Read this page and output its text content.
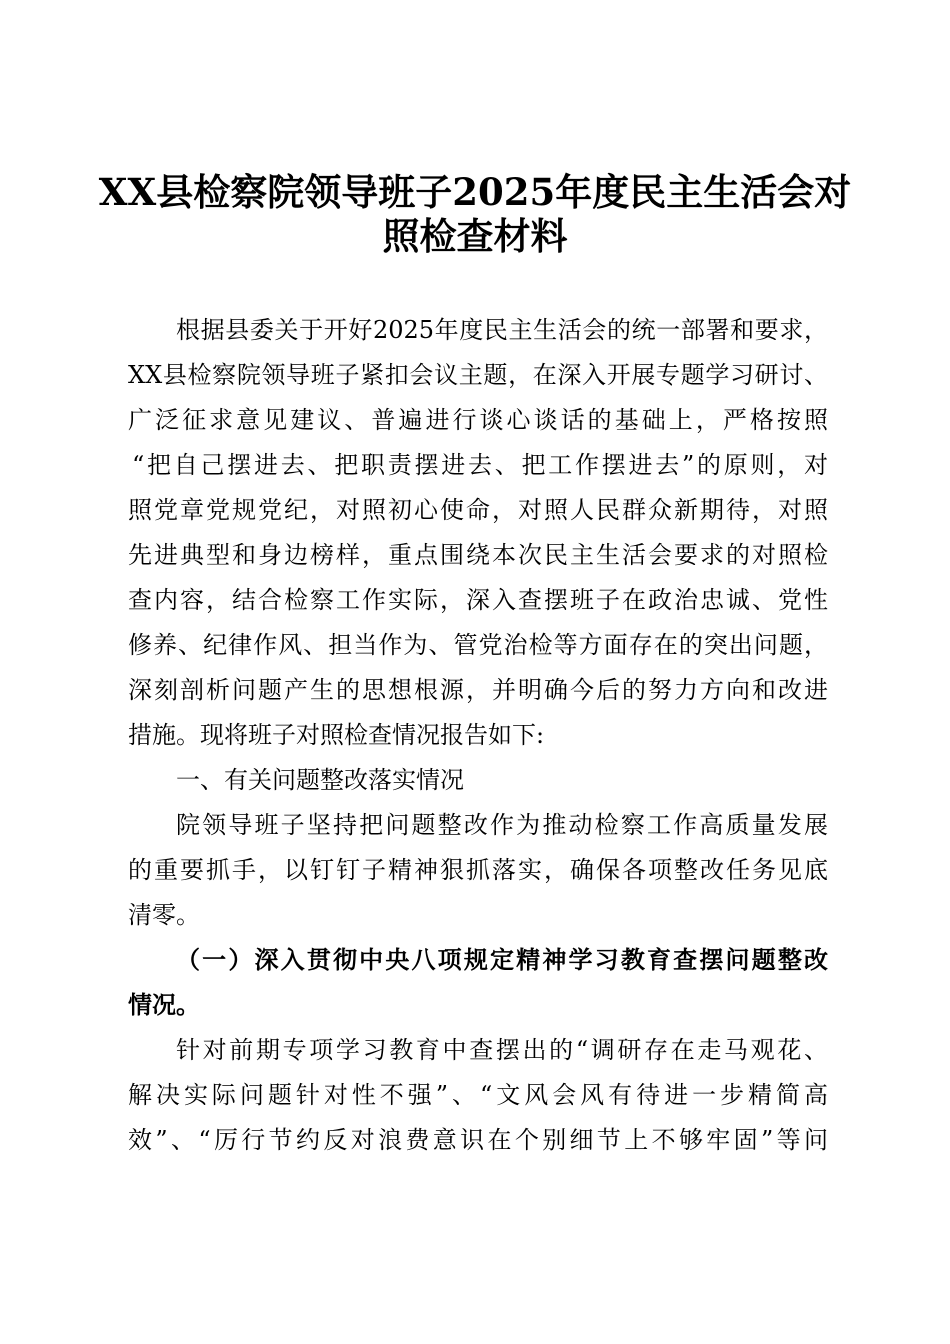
XX县检察院领导班子2025年度民主生活会对
照检查材料
根据县委关于开好2025年度民主生活会的统一部署和要求，
XX县检察院领导班子紧扣会议主题，在深入开展专题学习研讨、
广泛征求意见建议、普遍进行谈心谈话的基础上，严格按照
“把自己摆进去、把职责摆进去、把工作摆进去”的原则，对
照党章党规党纪，对照初心使命，对照人民群众新期待，对照
先进典型和身边榜样，重点围绕本次民主生活会要求的对照检
查内容，结合检察工作实际，深入查摆班子在政治忠诚、党性
修养、纪律作风、担当作为、管党治检等方面存在的突出问题，
深刻剖析问题产生的思想根源，并明确今后的努力方向和改进
措施。现将班子对照检查情况报告如下:
一、有关问题整改落实情况
院领导班子坚持把问题整改作为推动检察工作高质量发展
的重要抓手，以钉钉子精神狠抓落实，确保各项整改任务见底
清零。
（一）深入贯彻中央八项规定精神学习教育查摆问题整改
情况。
针对前期专项学习教育中查摆出的“调研存在走马观花、
解决实际问题针对性不强”、“文风会风有待进一步精简高
效”、“厉行节约反对浪费意识在个别细节上不够牢固”等问
